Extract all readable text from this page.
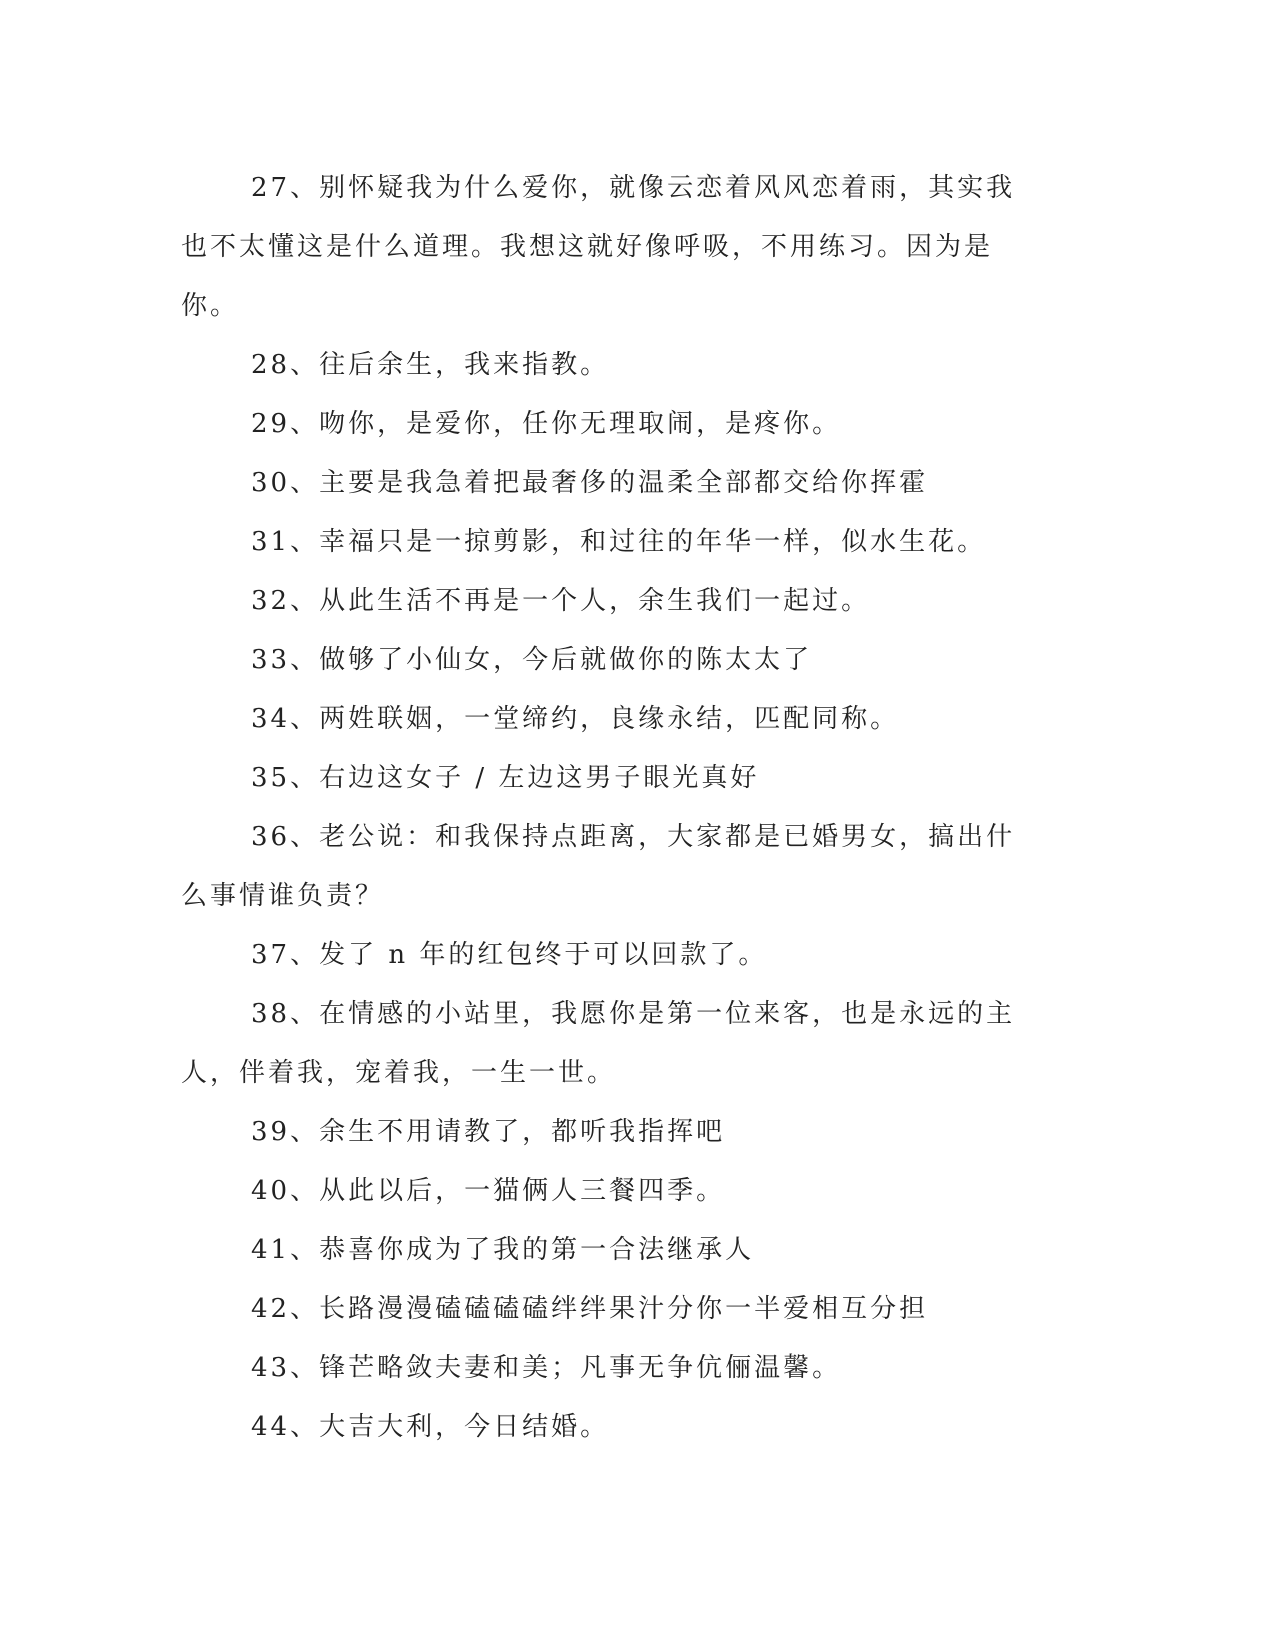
27、别怀疑我为什么爱你，就像云恋着风风恋着雨，其实我也不太懂这是什么道理。我想这就好像呼吸，不用练习。因为是你。

28、往后余生，我来指教。

29、吻你，是爱你，任你无理取闹，是疼你。

30、主要是我急着把最奢侈的温柔全部都交给你挥霍

31、幸福只是一掠剪影，和过往的年华一样，似水生花。

32、从此生活不再是一个人，余生我们一起过。

33、做够了小仙女，今后就做你的陈太太了

34、两姓联姻，一堂缔约，良缘永结，匹配同称。

35、右边这女子 / 左边这男子眼光真好

36、老公说：和我保持点距离，大家都是已婚男女，搞出什么事情谁负责？

37、发了 n 年的红包终于可以回款了。

38、在情感的小站里，我愿你是第一位来客，也是永远的主人，伴着我，宠着我，一生一世。

39、余生不用请教了，都听我指挥吧

40、从此以后，一猫俩人三餐四季。

41、恭喜你成为了我的第一合法继承人

42、长路漫漫磕磕磕磕绊绊果汁分你一半爱相互分担

43、锋芒略敛夫妻和美；凡事无争伉俪温馨。

44、大吉大利，今日结婚。
